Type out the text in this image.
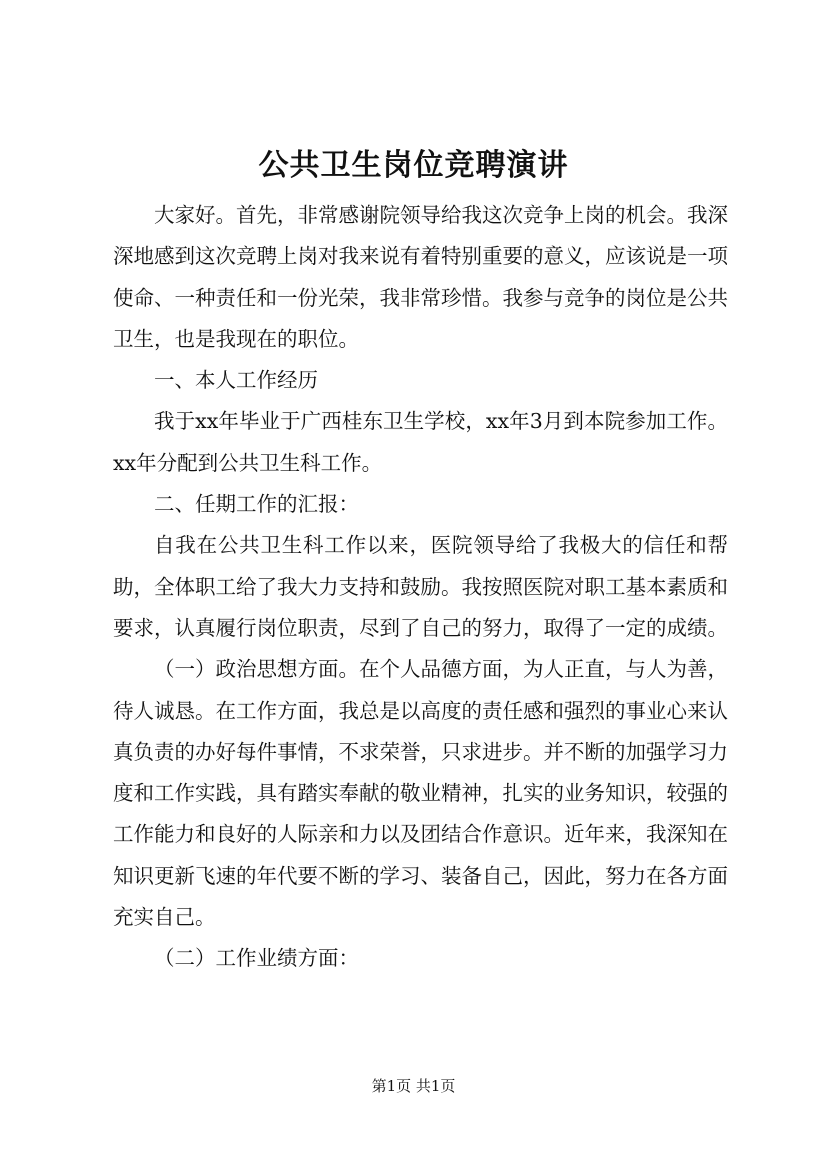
公共卫生岗位竞聘演讲

大家好。首先，非常感谢院领导给我这次竞争上岗的机会。我深深地感到这次竞聘上岗对我来说有着特别重要的意义，应该说是一项使命、一种责任和一份光荣，我非常珍惜。我参与竞争的岗位是公共卫生，也是我现在的职位。

一、本人工作经历

我于xx年毕业于广西桂东卫生学校，xx年3月到本院参加工作。xx年分配到公共卫生科工作。

二、任期工作的汇报：

自我在公共卫生科工作以来，医院领导给了我极大的信任和帮助，全体职工给了我大力支持和鼓励。我按照医院对职工基本素质和要求，认真履行岗位职责，尽到了自己的努力，取得了一定的成绩。

（一）政治思想方面。在个人品德方面，为人正直，与人为善，待人诚恳。在工作方面，我总是以高度的责任感和强烈的事业心来认真负责的办好每件事情，不求荣誉，只求进步。并不断的加强学习力度和工作实践，具有踏实奉献的敬业精神，扎实的业务知识，较强的工作能力和良好的人际亲和力以及团结合作意识。近年来，我深知在知识更新飞速的年代要不断的学习、装备自己，因此，努力在各方面充实自己。

（二）工作业绩方面：

第1页 共1页
